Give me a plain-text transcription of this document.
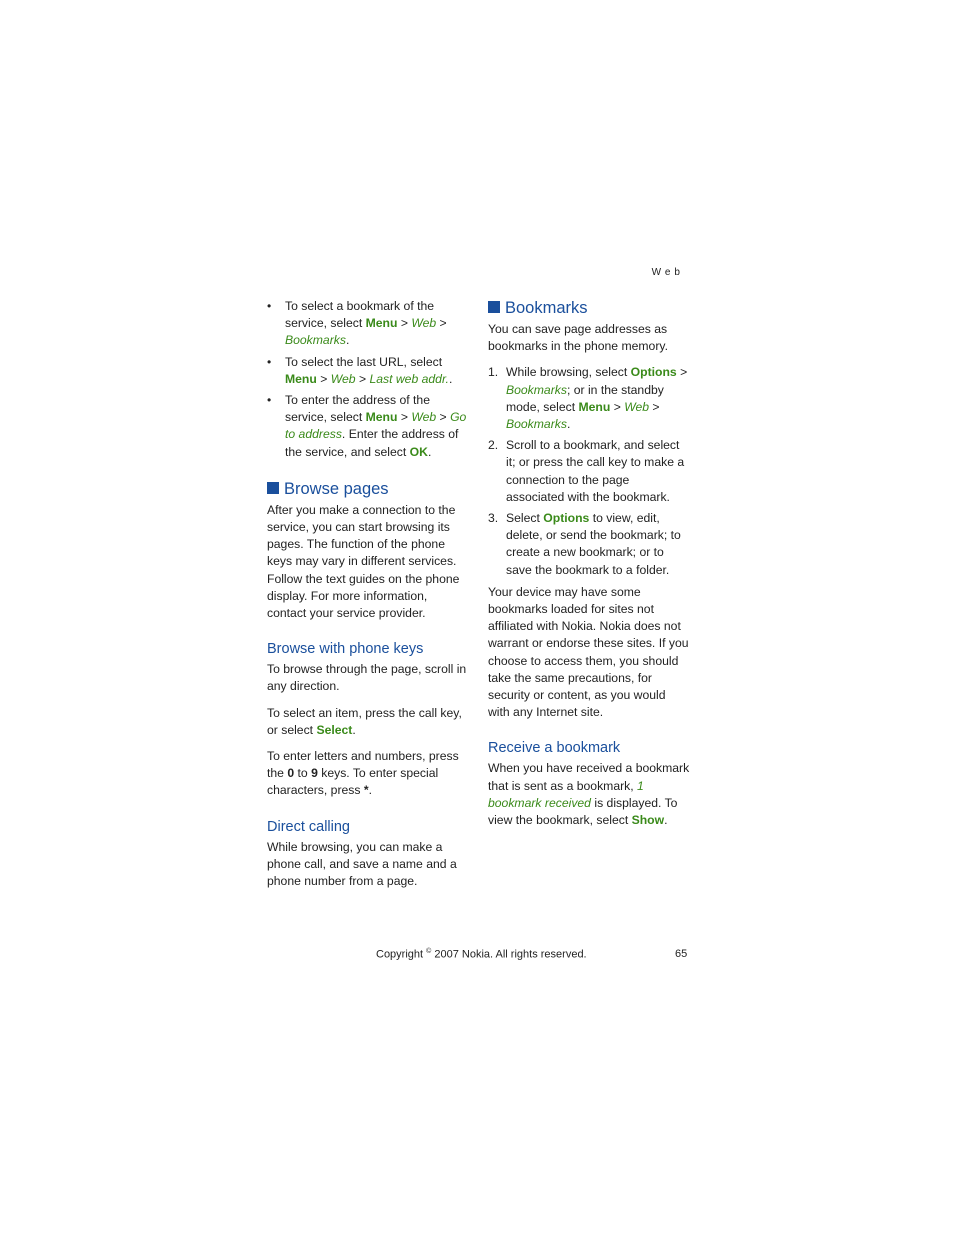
Web
• To select a bookmark of the service, select Menu > Web > Bookmarks.
• To select the last URL, select Menu > Web > Last web addr..
• To enter the address of the service, select Menu > Web > Go to address. Enter the address of the service, and select OK.
Browse pages

After you make a connection to the service, you can start browsing its pages. The function of the phone keys may vary in different services. Follow the text guides on the phone display. For more information, contact your service provider.

Browse with phone keys

To browse through the page, scroll in any direction.

To select an item, press the call key, or select Select.

To enter letters and numbers, press the 0 to 9 keys. To enter special characters, press *.

Direct calling

While browsing, you can make a phone call, and save a name and a phone number from a page.

Bookmarks

You can save page addresses as bookmarks in the phone memory.

1. While browsing, select Options > Bookmarks; or in the standby mode, select Menu > Web > Bookmarks.
2. Scroll to a bookmark, and select it; or press the call key to make a connection to the page associated with the bookmark.
3. Select Options to view, edit, delete, or send the bookmark; to create a new bookmark; or to save the bookmark to a folder.

Your device may have some bookmarks loaded for sites not affiliated with Nokia. Nokia does not warrant or endorse these sites. If you choose to access them, you should take the same precautions, for security or content, as you would with any Internet site.

Receive a bookmark

When you have received a bookmark that is sent as a bookmark, 1 bookmark received is displayed. To view the bookmark, select Show.

Copyright © 2007 Nokia. All rights reserved.	65
